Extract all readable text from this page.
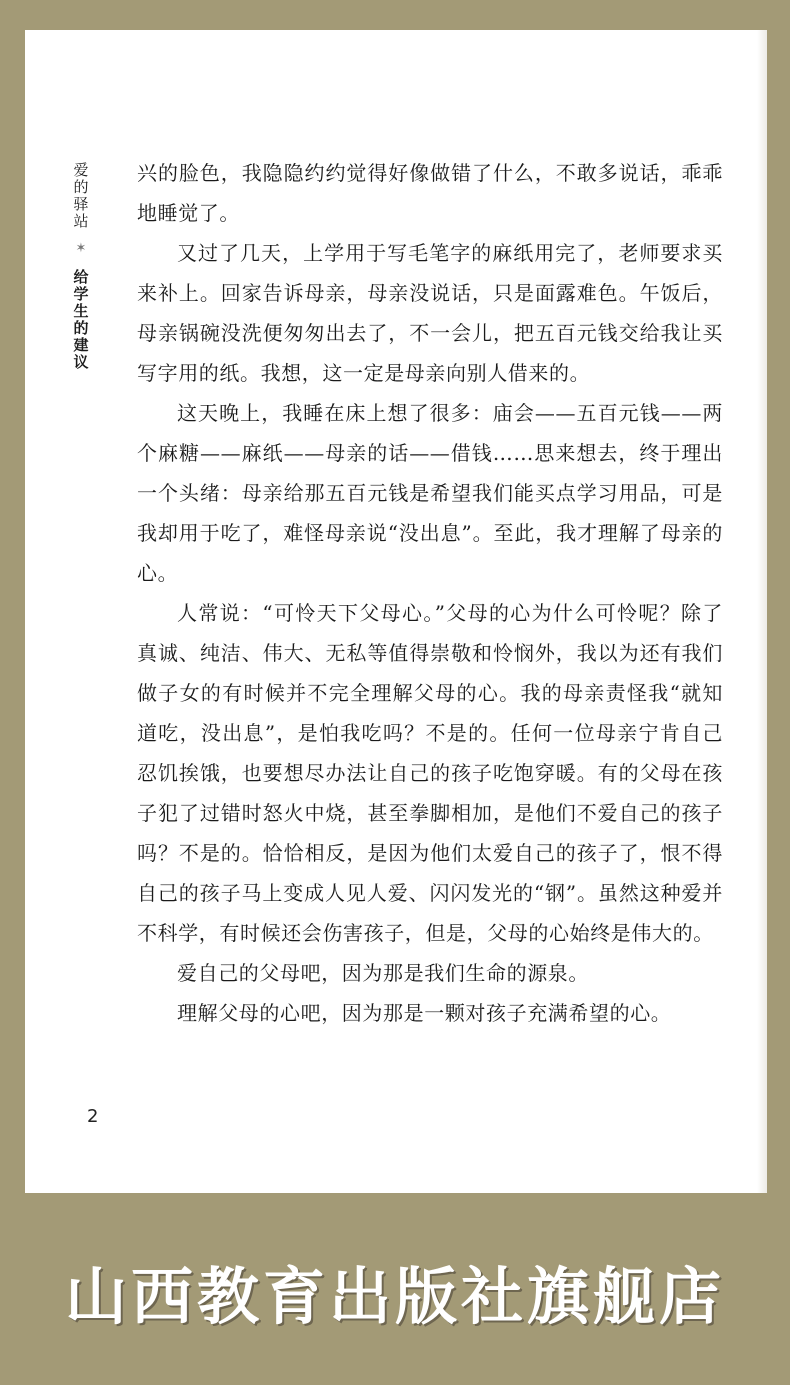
爱的驿站
✶
给学生的建议

兴的脸色，我隐隐约约觉得好像做错了什么，不敢多说话，乖乖地睡觉了。

又过了几天，上学用于写毛笔字的麻纸用完了，老师要求买来补上。回家告诉母亲，母亲没说话，只是面露难色。午饭后，母亲锅碗没洗便匆匆出去了，不一会儿，把五百元钱交给我让买写字用的纸。我想，这一定是母亲向别人借来的。

这天晚上，我睡在床上想了很多：庙会——五百元钱——两个麻糖——麻纸——母亲的话——借钱……思来想去，终于理出一个头绪：母亲给那五百元钱是希望我们能买点学习用品，可是我却用于吃了，难怪母亲说“没出息”。至此，我才理解了母亲的心。

人常说：“可怜天下父母心。”父母的心为什么可怜呢？除了真诚、纯洁、伟大、无私等值得崇敬和怜悯外，我以为还有我们做子女的有时候并不完全理解父母的心。我的母亲责怪我“就知道吃，没出息”，是怕我吃吗？不是的。任何一位母亲宁肯自己忍饥挨饿，也要想尽办法让自己的孩子吃饱穿暖。有的父母在孩子犯了过错时怒火中烧，甚至拳脚相加，是他们不爱自己的孩子吗？不是的。恰恰相反，是因为他们太爱自己的孩子了，恨不得自己的孩子马上变成人见人爱、闪闪发光的“钢”。虽然这种爱并不科学，有时候还会伤害孩子，但是，父母的心始终是伟大的。

爱自己的父母吧，因为那是我们生命的源泉。

理解父母的心吧，因为那是一颗对孩子充满希望的心。

2
山西教育出版社旗舰店
